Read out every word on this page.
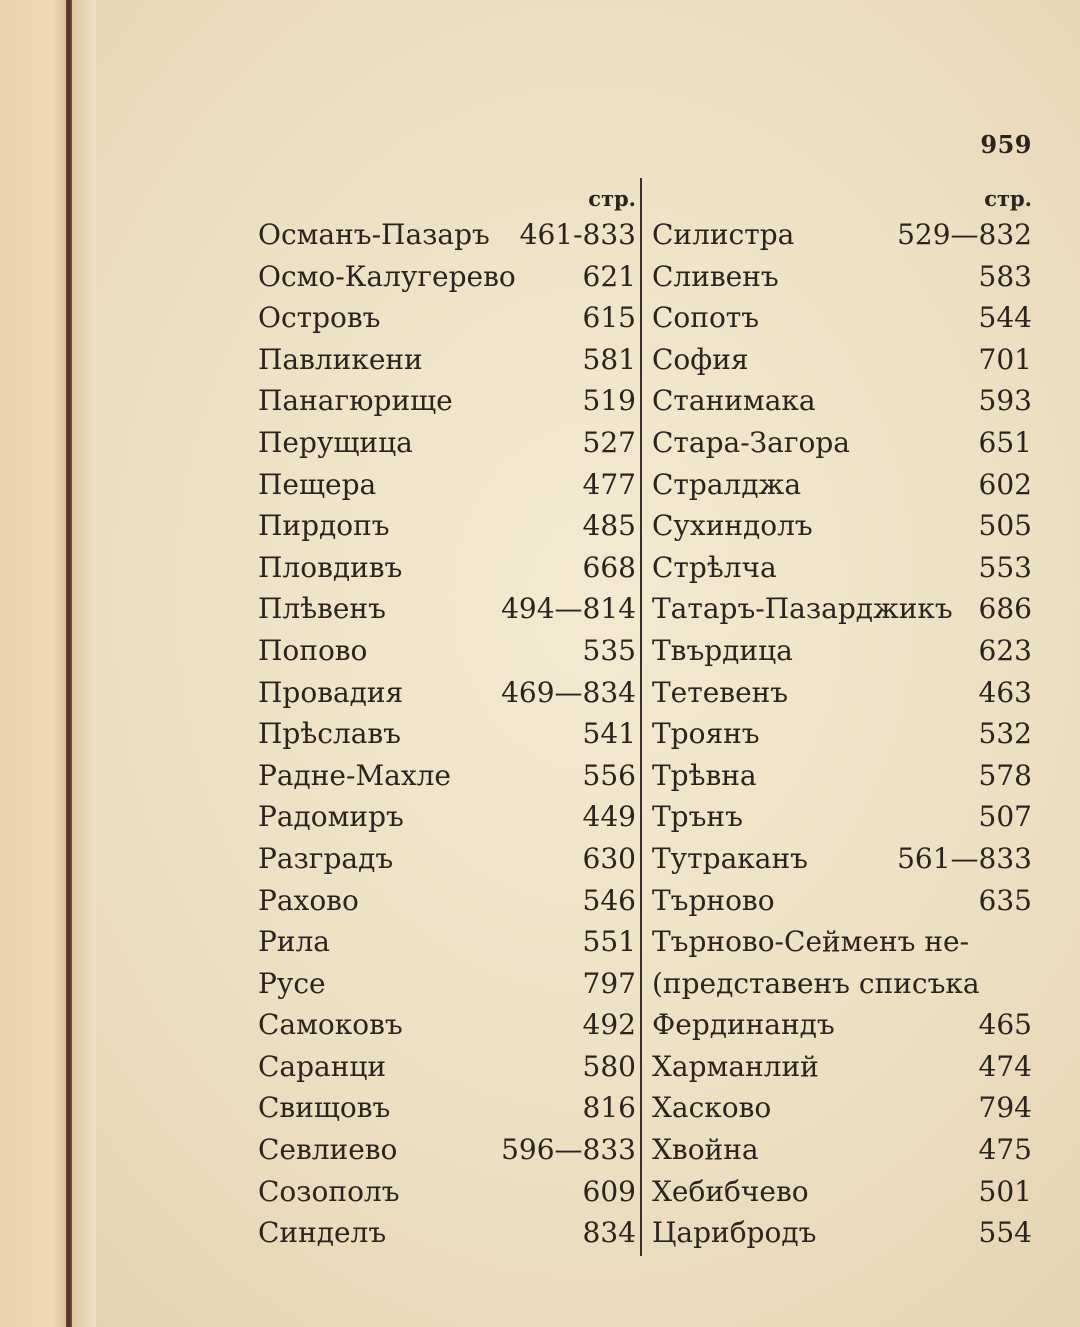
959
стр.
Османъ-Пазаръ 461-833
Осмо-Калугерево 621
Островъ	615
Павликени	581
Панагюрище	519
Перущица	527
Пещера	477
Пирдопъ	485
Пловдивъ	668
Плѣвенъ	494—814
Попово	535
Провадия	469—834
Прѣславъ	541
Радне-Махле	556
Радомиръ	449
Разградъ	630
Рахово	546
Рила	551
Русе	797
Самоковъ	492
Саранци	580
Свищовъ	816
Севлиево	596—833
Созополъ	609
Синделъ	834
стр.
Силистра	529—832
Сливенъ	583
Сопотъ	544
София	701
Станимака	593
Стара-Загора	651
Стралджа	602
Сухиндолъ	505
Стрѣлча	553
Татаръ-Пазарджикъ 686
Твърдица	623
Тетевенъ	463
Троянъ	532
Трѣвна	578
Трънъ	507
Тутраканъ	561—833
Търново	635
Търново-Сейменъ не-
(представенъ списъка
Фердинандъ	465
Харманлий	474
Хасково	794
Хвойна	475
Хебибчево	501
Царибродъ	554
